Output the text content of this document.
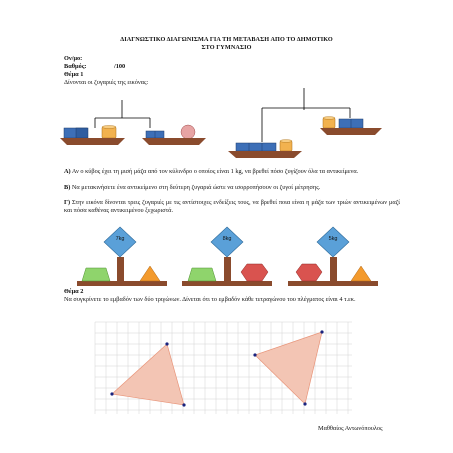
ΔΙΑΓΝΩΣΤΙΚΟ ΔΙΑΓΩΝΙΣΜΑ ΓΙΑ ΤΗ ΜΕΤΑΒΑΣΗ ΑΠΟ ΤΟ ΔΗΜΟΤΙΚΟ
ΣΤΟ ΓΥΜΝΑΣΙΟ
Ον/μο:
Βαθμός:	/100
Θέμα 1
Δίνονται οι ζυγαριές της εικόνας:
7kg	8kg	5kg
Α) Αν ο κύβος έχει τη μισή μάζα από τον κύλινδρο ο οποίος είναι 1 kg, να βρεθεί πόσο ζυγίζουν όλα τα αντικείμενα.
Β) Να μετακινήσετε ένα αντικείμενο στη δεύτερη ζυγαριά ώστε να ισορροπήσουν οι ζυγοί μέτρησης.
Γ) Στην εικόνα δίνονται τρεις ζυγαριές με τις αντίστοιχες ενδείξεις τους, να βρεθεί ποια είναι η μάζα των τριών αντικειμένων μαζί και πόσα καθένας αντικειμένου ξεχωριστά.
Θέμα 2
Να συγκρίνετε το εμβαδόν των δύο τριγώνων. Δίνεται ότι το εμβαδόν κάθε τετραγώνου του πλέγματος είναι 4 τ.εκ.
Μαθθαίος Αντωνόπουλος
